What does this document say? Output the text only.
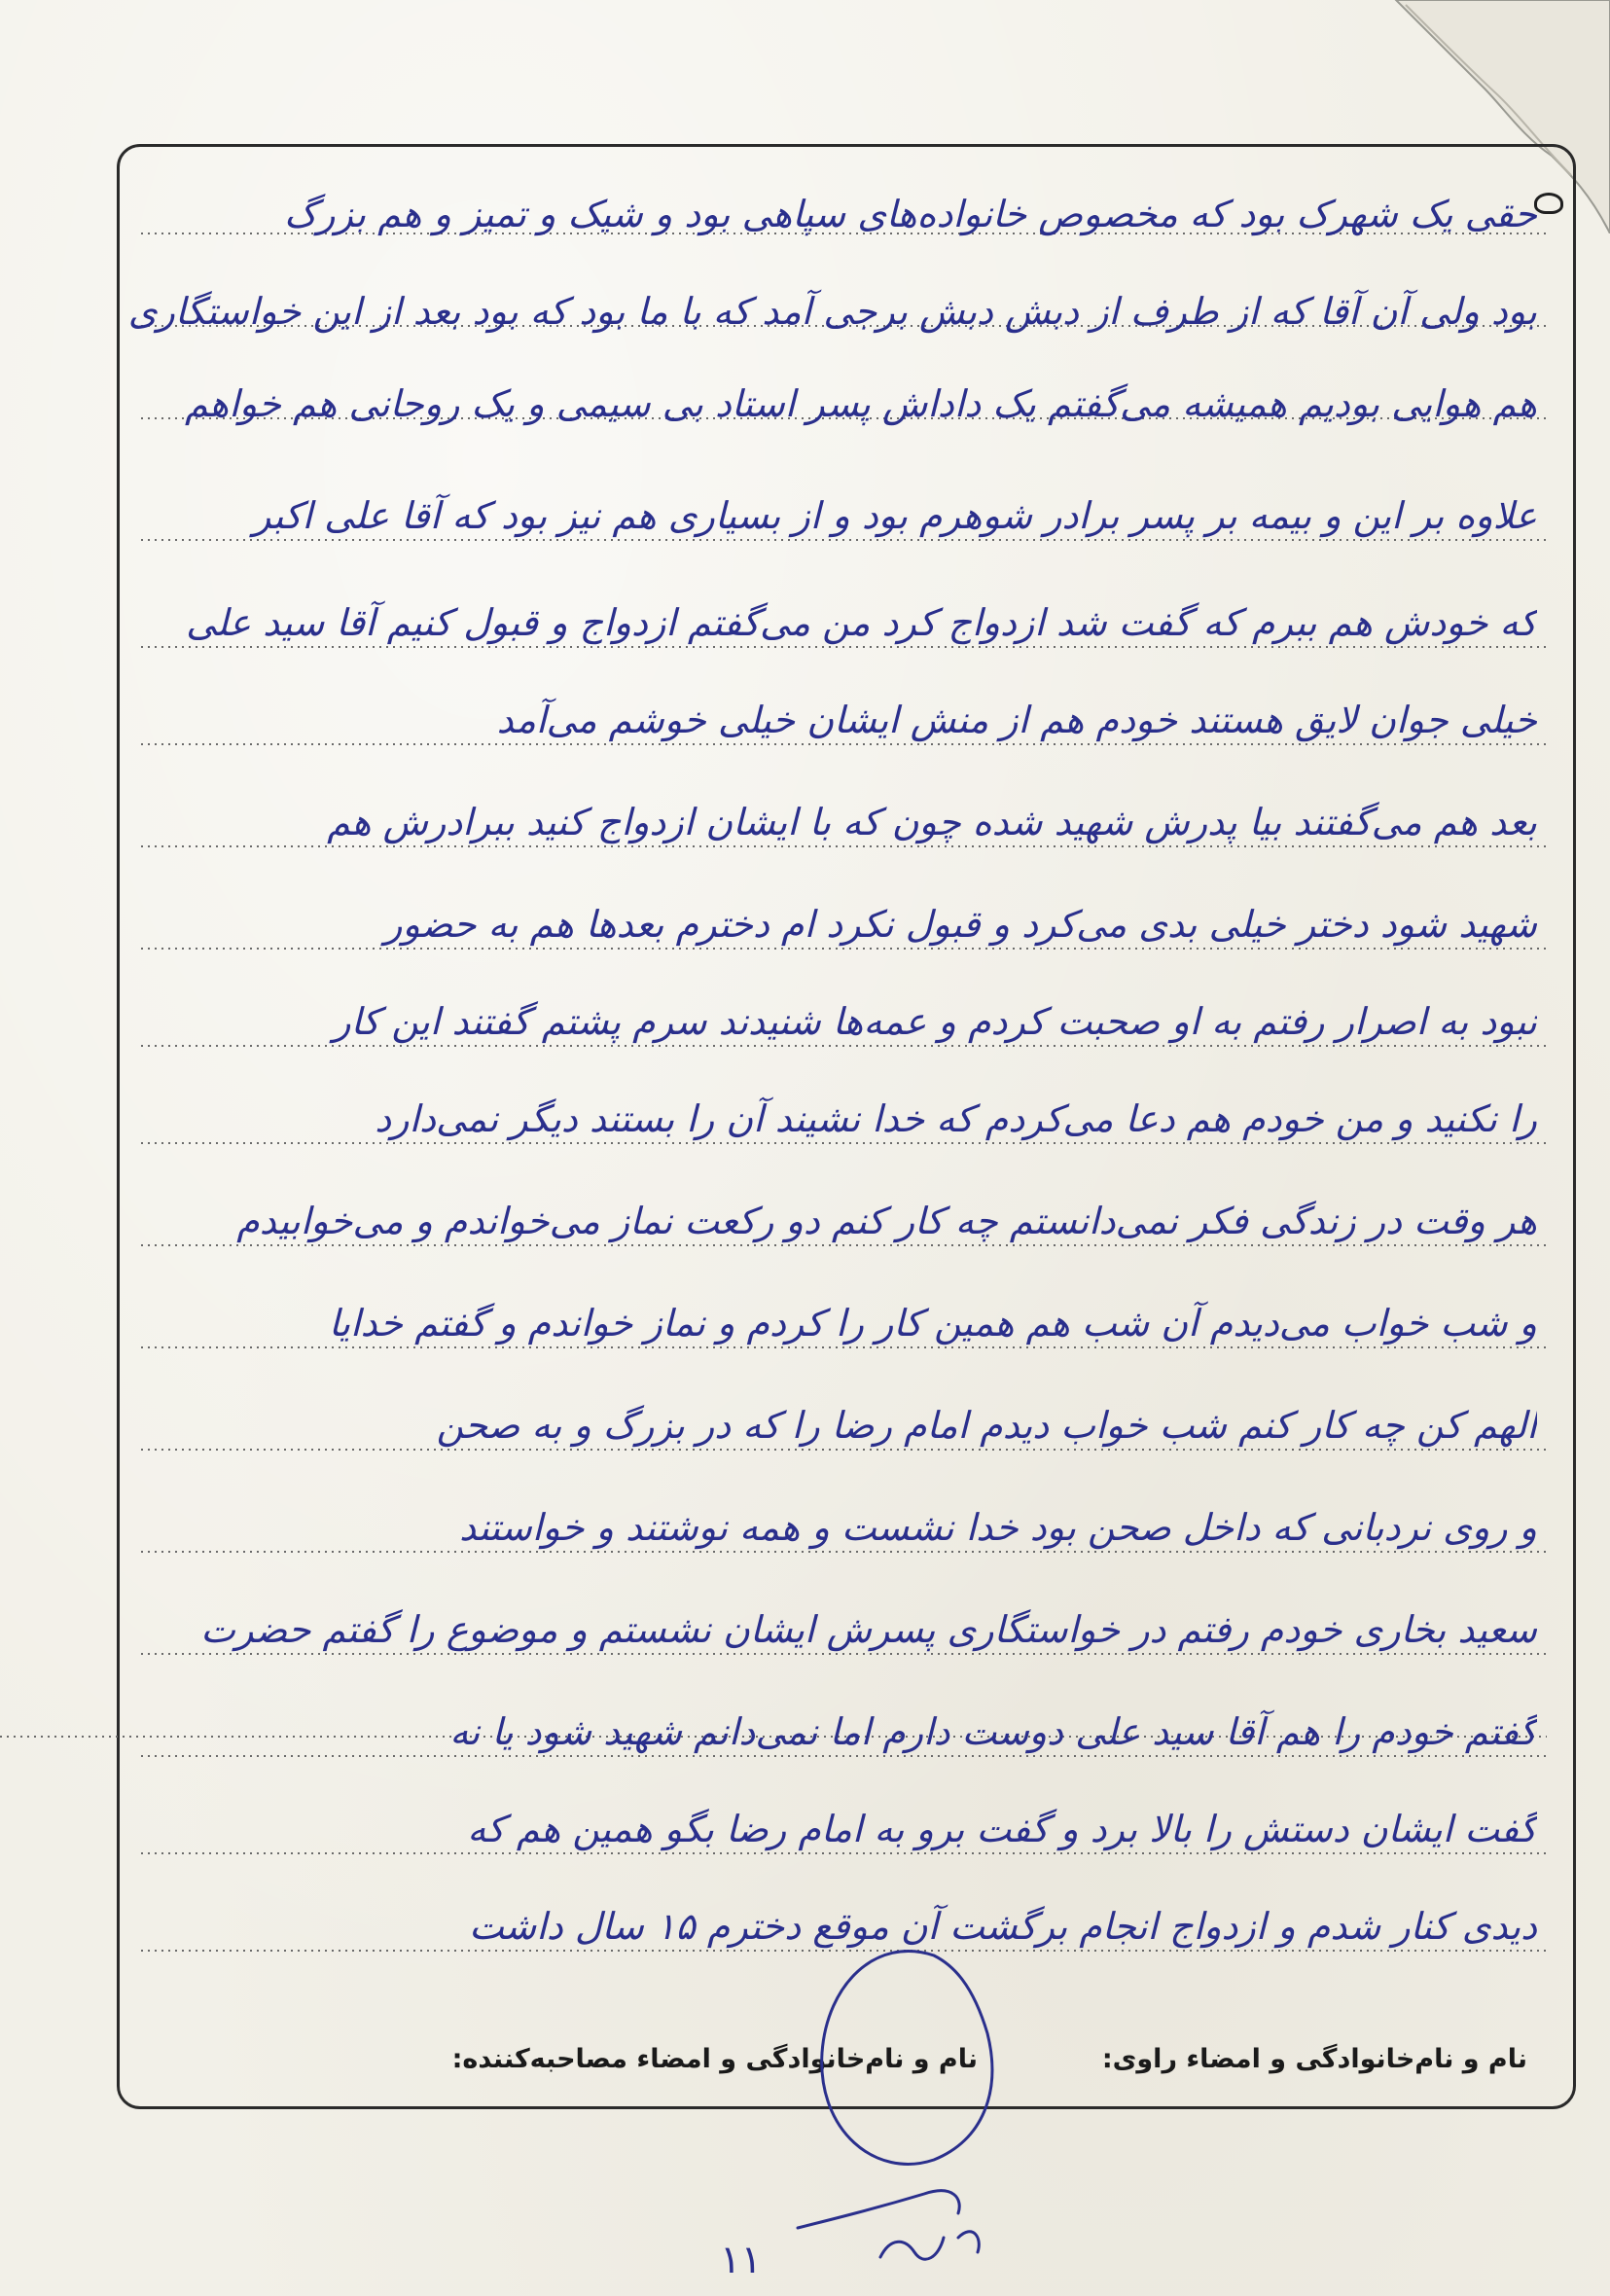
حقی یک شهرک بود که مخصوص خانواده‌های سپاهی بود و شیک و تمیز و هم بزرگ
بود ولی آن آقا که از طرف از دبش دبش برجی آمد که با ما بود که بود بعد از این خواستگاری
هم هوایی بودیم همیشه می‌گفتم یک داداش پسر استاد بی سیمی و یک روحانی هم خواهم
علاوه بر این و بیمه بر پسر برادر شوهرم بود و از بسیاری هم نیز بود که آقا علی اکبر
که خودش هم ببرم که گفت شد ازدواج کرد من می‌گفتم ازدواج و قبول کنیم آقا سید علی
خیلی جوان لایق هستند خودم هم از منش ایشان خیلی خوشم می‌آمد
بعد هم می‌گفتند بیا پدرش شهید شده چون که با ایشان ازدواج کنید ببرادرش هم
شهید شود دختر خیلی بدی می‌کرد و قبول نکرد ام دخترم بعدها هم به حضور
نبود به اصرار رفتم به او صحبت کردم و عمه‌ها شنیدند سرم پشتم گفتند این کار
را نکنید و من خودم هم دعا می‌کردم که خدا نشیند آن را بستند دیگر نمی‌دارد
هر وقت در زندگی فکر نمی‌دانستم چه کار کنم دو رکعت نماز می‌خواندم و می‌خوابیدم
و شب خواب می‌دیدم آن شب هم همین کار را کردم و نماز خواندم و گفتم خدایا
الهم کن چه کار کنم شب خواب دیدم امام رضا را که در بزرگ و به صحن
و روی نردبانی که داخل صحن بود خدا نشست و همه نوشتند و خواستند
سعید بخاری خودم رفتم در خواستگاری پسرش ایشان نشستم و موضوع را گفتم حضرت
گفتم خودم را هم آقا سید علی دوست دارم اما نمی‌دانم شهید شود یا نه
گفت ایشان دستش را بالا برد و گفت برو به امام رضا بگو همین هم که
دیدی کنار شدم و ازدواج انجام برگشت آن موقع دخترم ۱۵ سال داشت
نام و نام‌خانوادگی و امضاء راوی:
نام و نام‌خانوادگی و امضاء مصاحبه‌کننده:
۱۱
